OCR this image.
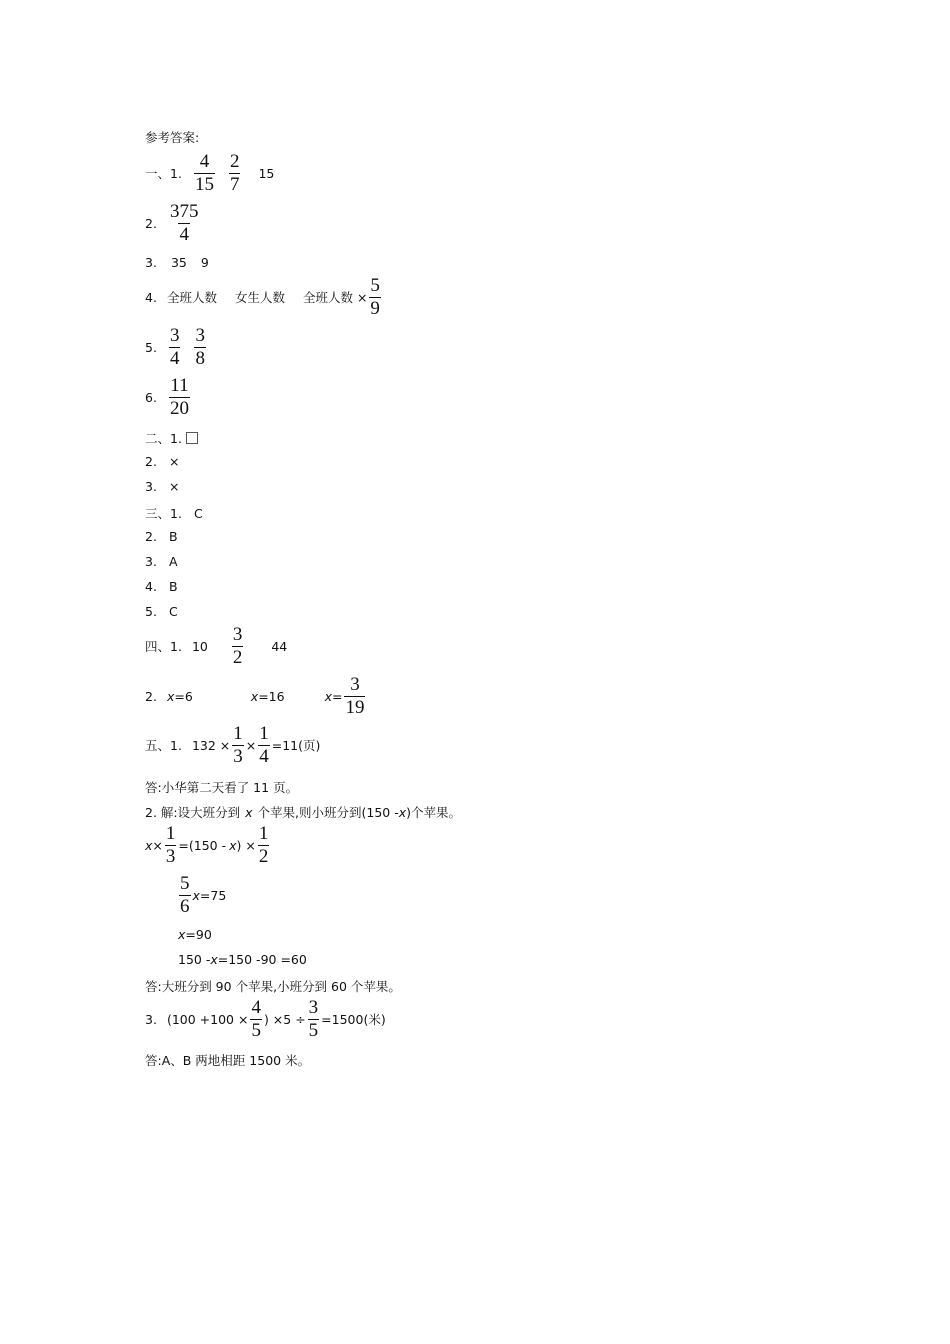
参考答案:
一、1. $\frac{4}{15} \frac{2}{7} 15$
2. $\frac{375}{4}$
3. 35 9
4. 全班人数 女生人数 全班人数 × $\frac{5}{9}$
5. $\frac{3}{4} \frac{3}{8}$
6. $\frac{11}{20}$
二、1.
2. ×
3. ×
三、1. C
2. B
3. A
4. B
5. C
四、1. $10 \frac{3}{2} 44$
2. x =6	x =16	$x = \frac{3}{19}$
五、1. $132 \times \frac{1}{3} \times \frac{1}{4} =11$(页)
答:小华第二天看了 11 页。
2. 解:设大班分到 x 个苹果,则小班分到(150 - x )个苹果。
$x \times \frac{1}{3} =(150 - x$ ) × $\frac{1}{2}$
$\frac{5}{6}$ x =75
x =90
150 - x =150 -90 =60
答:大班分到 90 个苹果,小班分到 60 个苹果。
3. ($100 +100 \times \frac{4}{5}$ ) $\times 5 \div \frac{3}{5} =1500$(米)
答:A、B 两地相距 1500 米。
